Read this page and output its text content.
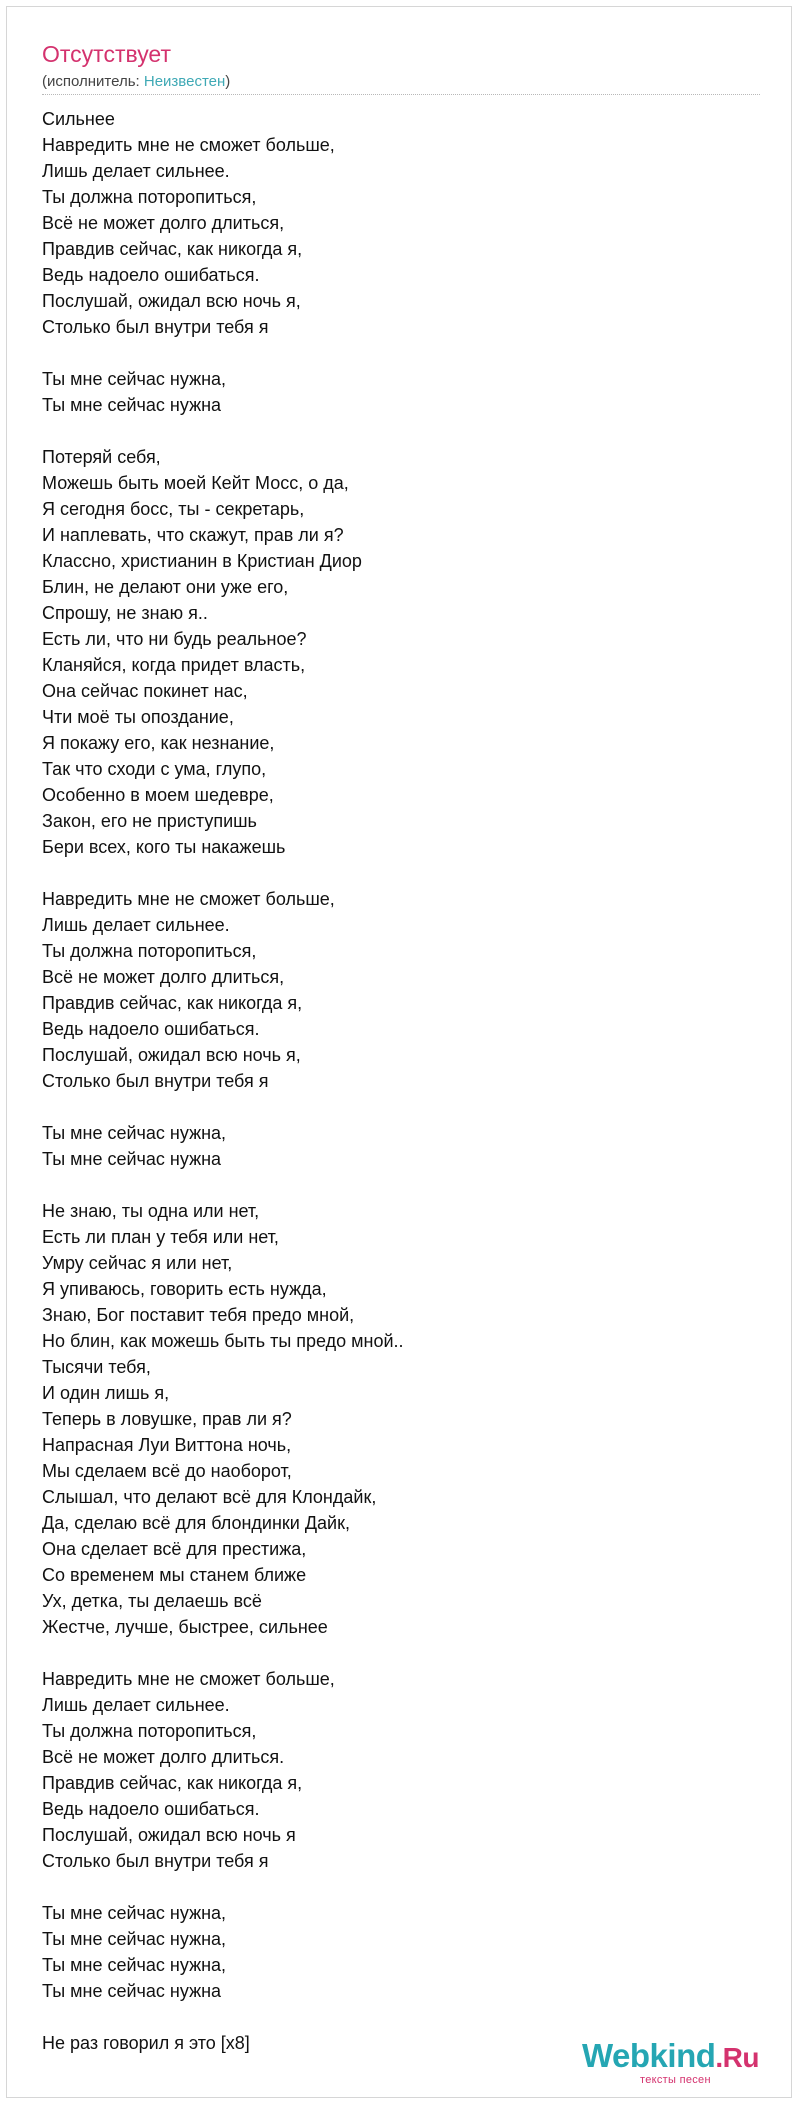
Отсутствует
(исполнитель: Неизвестен)
Сильнее
Навредить мне не сможет больше,
Лишь делает сильнее.
Ты должна поторопиться,
Всё не может долго длиться,
Правдив сейчас, как никогда я,
Ведь надоело ошибаться.
Послушай, ожидал всю ночь я,
Столько был внутри тебя я
Ты мне сейчас нужна,
Ты мне сейчас нужна
Потеряй себя,
Можешь быть моей Кейт Мосс, о да,
Я сегодня босс, ты - секретарь,
И наплевать, что скажут, прав ли я?
Классно, христианин в Кристиан Диор
Блин, не делают они уже его,
Спрошу, не знаю я..
Есть ли, что ни будь реальное?
Кланяйся, когда придет власть,
Она сейчас покинет нас,
Чти моё ты опоздание,
Я покажу его, как незнание,
Так что сходи с ума, глупо,
Особенно в моем шедевре,
Закон, его не приступишь
Бери всех, кого ты накажешь
Навредить мне не сможет больше,
Лишь делает сильнее.
Ты должна поторопиться,
Всё не может долго длиться,
Правдив сейчас, как никогда я,
Ведь надоело ошибаться.
Послушай, ожидал всю ночь я,
Столько был внутри тебя я
Ты мне сейчас нужна,
Ты мне сейчас нужна
Не знаю, ты одна или нет,
Есть ли план у тебя или нет,
Умру сейчас я или нет,
Я упиваюсь, говорить есть нужда,
Знаю, Бог поставит тебя предо мной,
Но блин, как можешь быть ты предо мной..
Тысячи тебя,
И один лишь я,
Теперь в ловушке, прав ли я?
Напрасная Луи Виттона ночь,
Мы сделаем всё до наоборот,
Слышал, что делают всё для Клондайк,
Да, сделаю всё для блондинки Дайк,
Она сделает всё для престижа,
Со временем мы станем ближе
Ух, детка, ты делаешь всё
Жестче, лучше, быстрее, сильнее
Навредить мне не сможет больше,
Лишь делает сильнее.
Ты должна поторопиться,
Всё не может долго длиться.
Правдив сейчас, как никогда я,
Ведь надоело ошибаться.
Послушай, ожидал всю ночь я
Столько был внутри тебя я
Ты мне сейчас нужна,
Ты мне сейчас нужна,
Ты мне сейчас нужна,
Ты мне сейчас нужна
Не раз говорил я это [x8]	Webkind.Ru
тексты песен
